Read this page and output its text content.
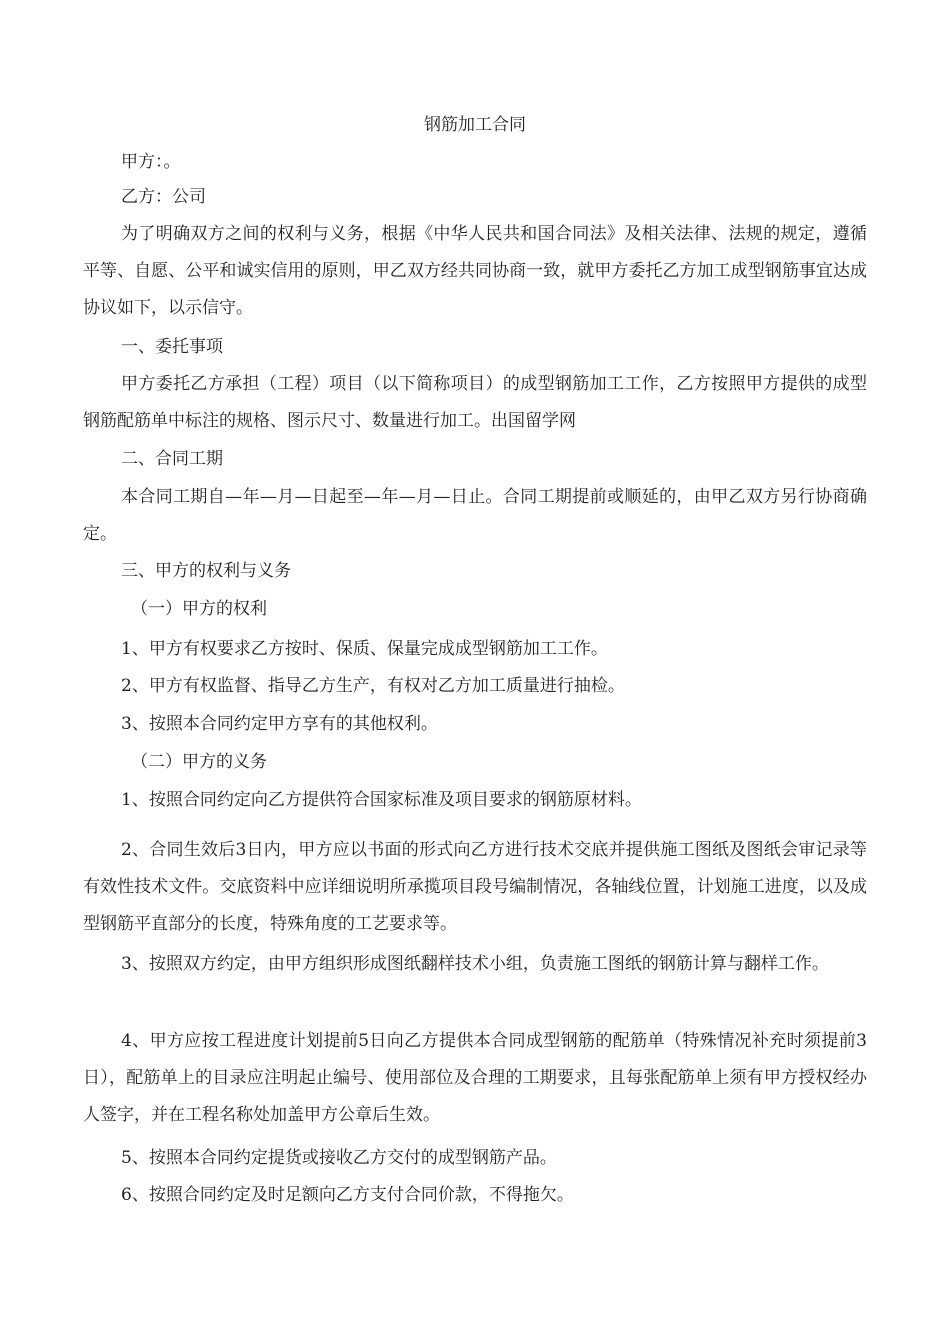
钢筋加工合同

甲方：。

乙方：公司

为了明确双方之间的权利与义务，根据《中华人民共和国合同法》及相关法律、法规的规定，遵循平等、自愿、公平和诚实信用的原则，甲乙双方经共同协商一致，就甲方委托乙方加工成型钢筋事宜达成协议如下，以示信守。

一、委托事项

甲方委托乙方承担（工程）项目（以下简称项目）的成型钢筋加工工作，乙方按照甲方提供的成型钢筋配筋单中标注的规格、图示尺寸、数量进行加工。出国留学网

二、合同工期

本合同工期自—年—月—日起至—年—月—日止。合同工期提前或顺延的，由甲乙双方另行协商确定。

三、甲方的权利与义务

（一）甲方的权利

1、甲方有权要求乙方按时、保质、保量完成成型钢筋加工工作。

2、甲方有权监督、指导乙方生产，有权对乙方加工质量进行抽检。

3、按照本合同约定甲方享有的其他权利。

（二）甲方的义务

1、按照合同约定向乙方提供符合国家标准及项目要求的钢筋原材料。

2、合同生效后3日内，甲方应以书面的形式向乙方进行技术交底并提供施工图纸及图纸会审记录等有效性技术文件。交底资料中应详细说明所承揽项目段号编制情况，各轴线位置，计划施工进度，以及成型钢筋平直部分的长度，特殊角度的工艺要求等。

3、按照双方约定，由甲方组织形成图纸翻样技术小组，负责施工图纸的钢筋计算与翻样工作。

4、甲方应按工程进度计划提前5日向乙方提供本合同成型钢筋的配筋单（特殊情况补充时须提前3日），配筋单上的目录应注明起止编号、使用部位及合理的工期要求，且每张配筋单上须有甲方授权经办人签字，并在工程名称处加盖甲方公章后生效。

5、按照本合同约定提货或接收乙方交付的成型钢筋产品。

6、按照合同约定及时足额向乙方支付合同价款，不得拖欠。
